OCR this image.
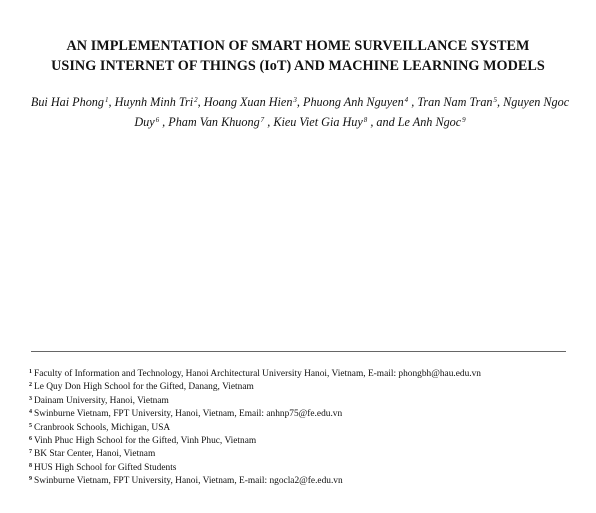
AN IMPLEMENTATION OF SMART HOME SURVEILLANCE SYSTEM
USING INTERNET OF THINGS (IoT) AND MACHINE LEARNING MODELS
Bui Hai Phong$^1$, Huynh Minh Tri$^2$, Hoang Xuan Hien$^3$, Phuong Anh Nguyen$^4$ , Tran Nam Tran$^5$, Nguyen Ngoc Duy$^6$ , Pham Van Khuong$^7$ , Kieu Viet Gia Huy$^8$ , and Le Anh Ngoc$^9$
$^1$ Faculty of Information and Technology, Hanoi Architectural University Hanoi, Vietnam, E-mail: phongbh@hau.edu.vn
$^2$ Le Quy Don High School for the Gifted, Danang, Vietnam
$^3$ Dainam University, Hanoi, Vietnam
$^4$ Swinburne Vietnam, FPT University, Hanoi, Vietnam, Email: anhnp75@fe.edu.vn
$^5$ Cranbrook Schools, Michigan, USA
$^6$ Vinh Phuc High School for the Gifted, Vinh Phuc, Vietnam
$^7$ BK Star Center, Hanoi, Vietnam
$^8$ HUS High School for Gifted Students
$^9$ Swinburne Vietnam, FPT University, Hanoi, Vietnam, E-mail: ngocla2@fe.edu.vn
